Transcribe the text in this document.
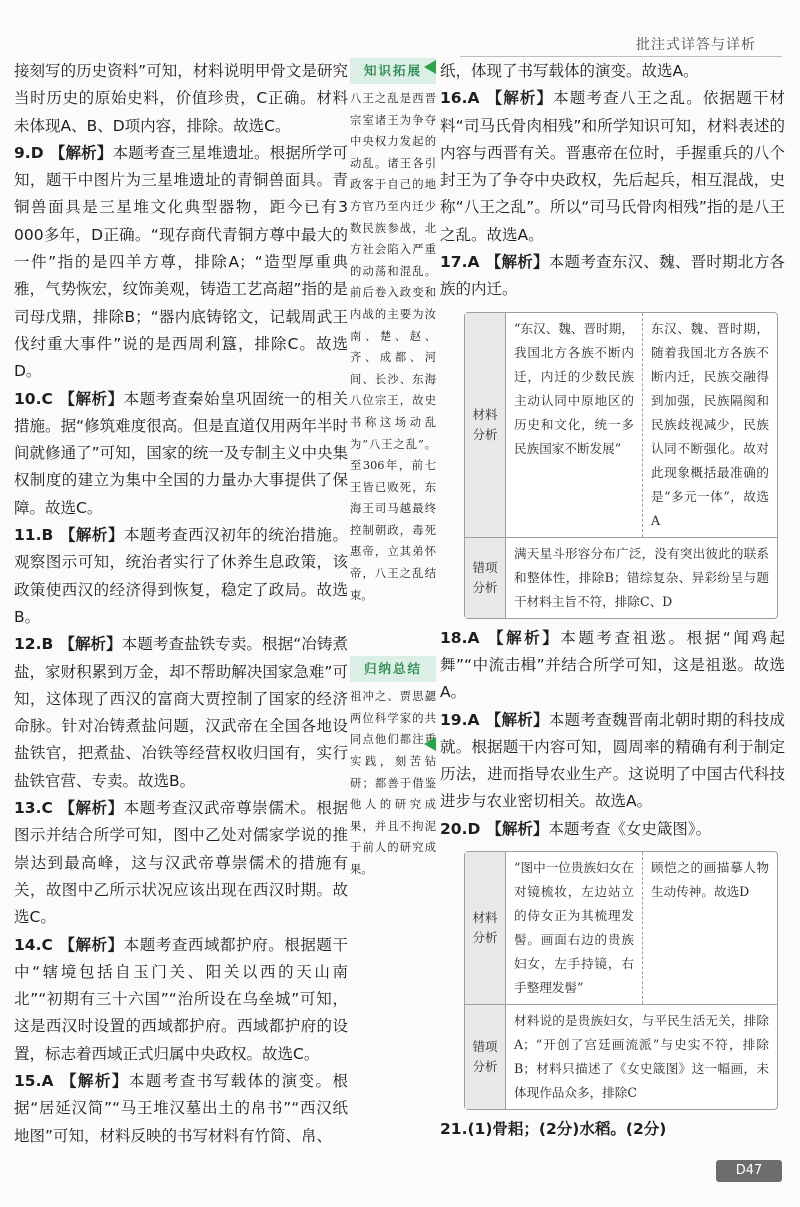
批注式详答与详析

接刻写的历史资料”可知，材料说明甲骨文是研究当时历史的原始史料，价值珍贵，C正确。材料未体现A、B、D项内容，排除。故选C。

9.D 【解析】本题考查三星堆遗址。根据所学可知，题干中图片为三星堆遗址的青铜兽面具。青铜兽面具是三星堆文化典型器物，距今已有3 000多年，D正确。“现存商代青铜方尊中最大的一件”指的是四羊方尊，排除A；“造型厚重典雅，气势恢宏，纹饰美观，铸造工艺高超”指的是司母戊鼎，排除B；“器内底铸铭文，记载周武王伐纣重大事件”说的是西周利簋，排除C。故选D。

10.C 【解析】本题考查秦始皇巩固统一的相关措施。据“修筑难度很高。但是直道仅用两年半时间就修通了”可知，国家的统一及专制主义中央集权制度的建立为集中全国的力量办大事提供了保障。故选C。

11.B 【解析】本题考查西汉初年的统治措施。观察图示可知，统治者实行了休养生息政策，该政策使西汉的经济得到恢复，稳定了政局。故选B。

12.B 【解析】本题考查盐铁专卖。根据“冶铸煮盐，家财积累到万金，却不帮助解决国家急难”可知，这体现了西汉的富商大贾控制了国家的经济命脉。针对冶铸煮盐问题，汉武帝在全国各地设盐铁官，把煮盐、冶铁等经营权收归国有，实行盐铁官营、专卖。故选B。

13.C 【解析】本题考查汉武帝尊崇儒术。根据图示并结合所学可知，图中乙处对儒家学说的推崇达到最高峰，这与汉武帝尊崇儒术的措施有关，故图中乙所示状况应该出现在西汉时期。故选C。

14.C 【解析】本题考查西域都护府。根据题干中“辖境包括自玉门关、阳关以西的天山南北”“初期有三十六国”“治所设在乌垒城”可知，这是西汉时设置的西域都护府。西域都护府的设置，标志着西域正式归属中央政权。故选C。

15.A 【解析】本题考查书写载体的演变。根据“居延汉简”“马王堆汉墓出土的帛书”“西汉纸地图”可知，材料反映的书写材料有竹简、帛、

知识拓展
八王之乱是西晋宗室诸王为争夺中央权力发起的动乱。诸王各引政客于自己的地方官乃至内迁少数民族参战，北方社会陷入严重的动荡和混乱。前后卷入政变和内战的主要为汝南、楚、赵、齐、成都、河间、长沙、东海八位宗王，故史书称这场动乱为“八王之乱”。至306年，前七王皆已败死，东海王司马越最终控制朝政，毒死惠帝，立其弟怀帝，八王之乱结束。
归纳总结
祖冲之、贾思勰两位科学家的共同点他们都注重实践，刻苦钻研；都善于借鉴他人的研究成果，并且不拘泥于前人的研究成果。

纸，体现了书写载体的演变。故选A。

16.A 【解析】本题考查八王之乱。依据题干材料“司马氏骨肉相残”和所学知识可知，材料表述的内容与西晋有关。晋惠帝在位时，手握重兵的八个封王为了争夺中央政权，先后起兵，相互混战，史称“八王之乱”。所以“司马氏骨肉相残”指的是八王之乱。故选A。

17.A 【解析】本题考查东汉、魏、晋时期北方各族的内迁。

材料分析
“东汉、魏、晋时期，我国北方各族不断内迁，内迁的少数民族主动认同中原地区的历史和文化，统一多民族国家不断发展”
东汉、魏、晋时期，随着我国北方各族不断内迁，民族交融得到加强，民族隔阂和民族歧视减少，民族认同不断强化。故对此现象概括最准确的是“多元一体”，故选A
错项分析
满天星斗形容分布广泛，没有突出彼此的联系和整体性，排除B；错综复杂、异彩纷呈与题干材料主旨不符，排除C、D

18.A 【解析】本题考查祖逖。根据“闻鸡起舞”“中流击楫”并结合所学可知，这是祖逖。故选A。

19.A 【解析】本题考查魏晋南北朝时期的科技成就。根据题干内容可知，圆周率的精确有利于制定历法，进而指导农业生产。这说明了中国古代科技进步与农业密切相关。故选A。

20.D 【解析】本题考查《女史箴图》。

材料分析
“图中一位贵族妇女在对镜梳妆，左边站立的侍女正为其梳理发髻。画面右边的贵族妇女，左手持镜，右手整理发髻”
顾恺之的画描摹人物生动传神。故选D
错项分析
材料说的是贵族妇女，与平民生活无关，排除A；“开创了宫廷画流派”与史实不符，排除B；材料只描述了《女史箴图》这一幅画，未体现作品众多，排除C

21.(1)骨耜；(2分)水稻。(2分)

D47
